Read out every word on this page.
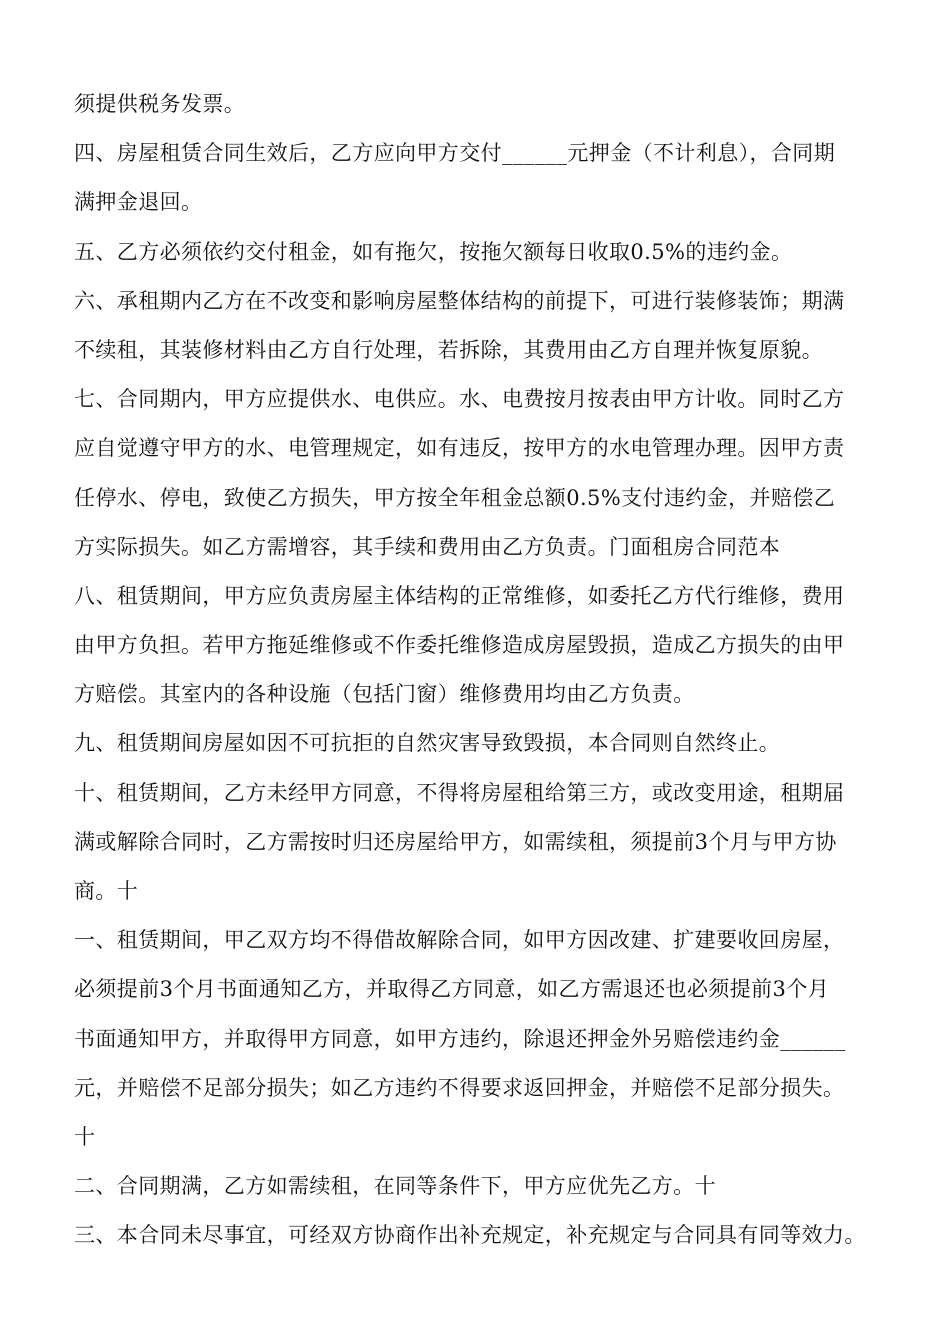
须提供税务发票。
四、房屋租赁合同生效后，乙方应向甲方交付______元押金（不计利息），合同期
满押金退回。
五、乙方必须依约交付租金，如有拖欠，按拖欠额每日收取0.5%的违约金。
六、承租期内乙方在不改变和影响房屋整体结构的前提下，可进行装修装饰；期满
不续租，其装修材料由乙方自行处理，若拆除，其费用由乙方自理并恢复原貌。
七、合同期内，甲方应提供水、电供应。水、电费按月按表由甲方计收。同时乙方
应自觉遵守甲方的水、电管理规定，如有违反，按甲方的水电管理办理。因甲方责
任停水、停电，致使乙方损失，甲方按全年租金总额0.5%支付违约金，并赔偿乙
方实际损失。如乙方需增容，其手续和费用由乙方负责。门面租房合同范本
八、租赁期间，甲方应负责房屋主体结构的正常维修，如委托乙方代行维修，费用
由甲方负担。若甲方拖延维修或不作委托维修造成房屋毁损，造成乙方损失的由甲
方赔偿。其室内的各种设施（包括门窗）维修费用均由乙方负责。
九、租赁期间房屋如因不可抗拒的自然灾害导致毁损，本合同则自然终止。
十、租赁期间，乙方未经甲方同意，不得将房屋租给第三方，或改变用途，租期届
满或解除合同时，乙方需按时归还房屋给甲方，如需续租，须提前3个月与甲方协
商。十
一、租赁期间，甲乙双方均不得借故解除合同，如甲方因改建、扩建要收回房屋，
必须提前3个月书面通知乙方，并取得乙方同意，如乙方需退还也必须提前3个月
书面通知甲方，并取得甲方同意，如甲方违约，除退还押金外另赔偿违约金______
元，并赔偿不足部分损失；如乙方违约不得要求返回押金，并赔偿不足部分损失。
十
二、合同期满，乙方如需续租，在同等条件下，甲方应优先乙方。十
三、本合同未尽事宜，可经双方协商作出补充规定，补充规定与合同具有同等效力。
